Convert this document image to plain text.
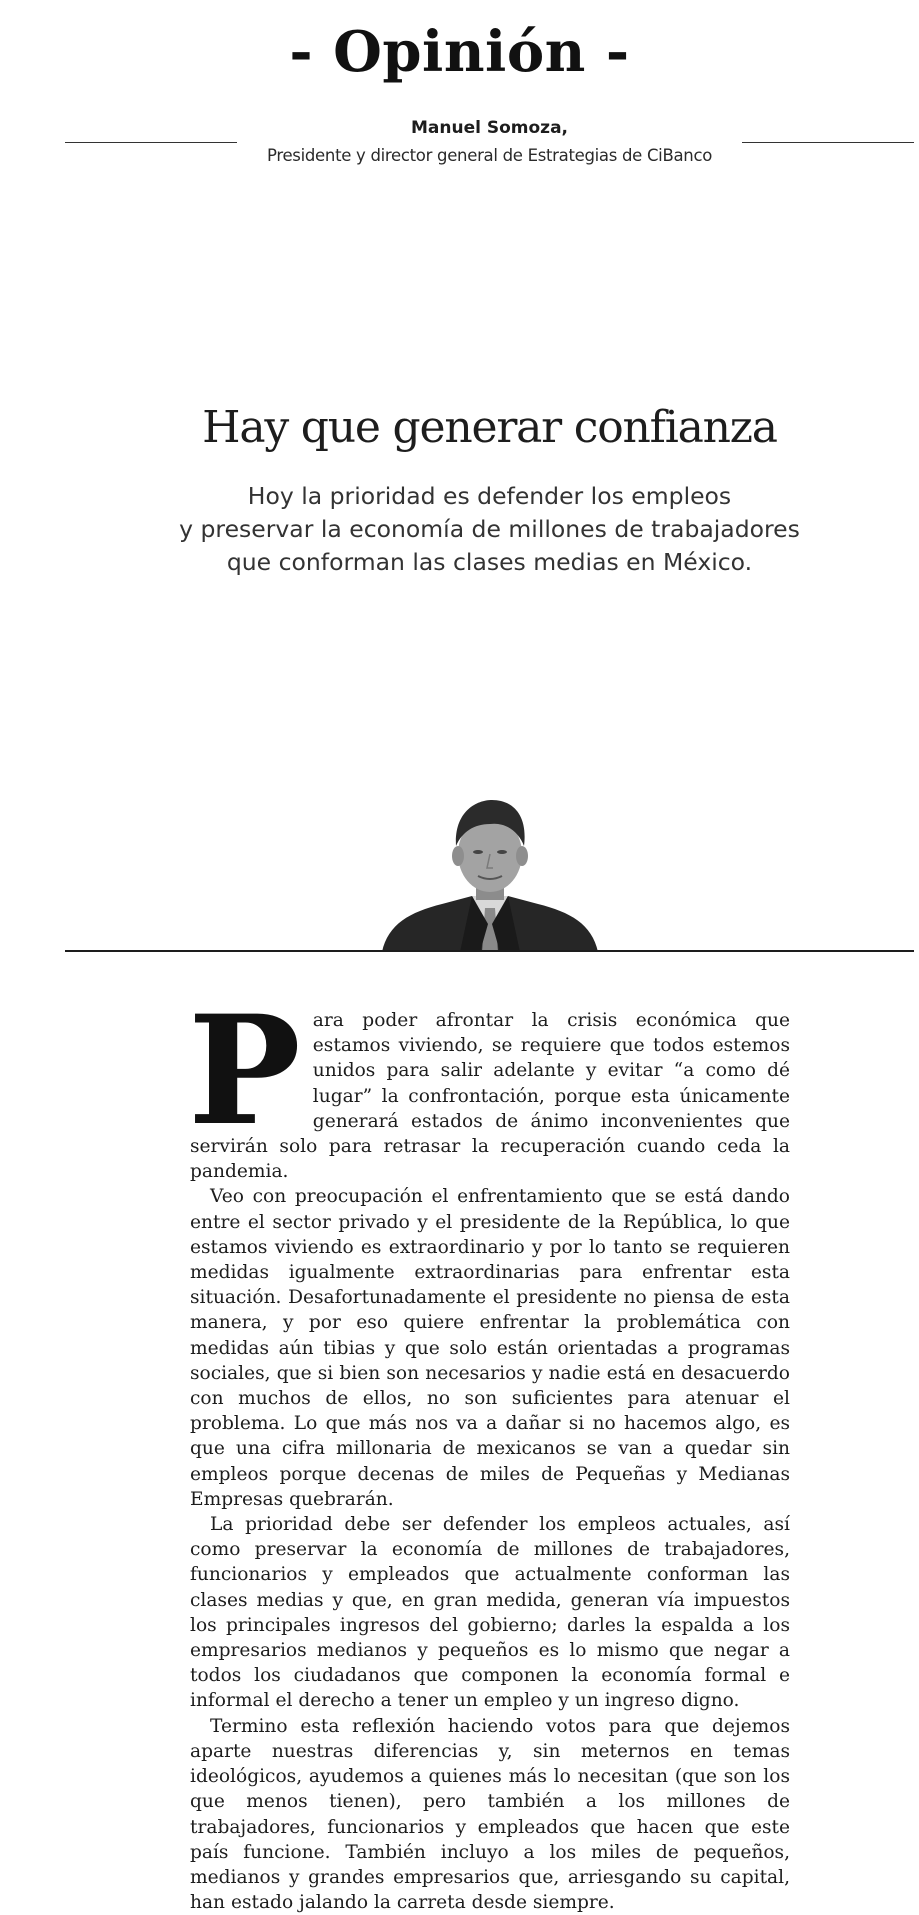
- Opinión -
Manuel Somoza,
Presidente y director general de Estrategias de CiBanco
Hay que generar confianza
Hoy la prioridad es defender los empleos
y preservar la economía de millones de trabajadores
que conforman las clases medias en México.

Para poder afrontar la crisis económica que estamos viviendo, se requiere que todos estemos unidos para salir adelante y evitar “a como dé lugar” la confrontación, porque esta únicamente generará estados de ánimo inconvenientes que servirán solo para retrasar la recuperación cuando ceda la pandemia.

Veo con preocupación el enfrentamiento que se está dando entre el sector privado y el presidente de la República, lo que estamos viviendo es extraordinario y por lo tanto se requieren medidas igualmente extraordinarias para enfrentar esta situación. Desafortunadamente el presidente no piensa de esta manera, y por eso quiere enfrentar la problemática con medidas aún tibias y que solo están orientadas a programas sociales, que si bien son necesarios y nadie está en desacuerdo con muchos de ellos, no son suficientes para atenuar el problema. Lo que más nos va a dañar si no hacemos algo, es que una cifra millonaria de mexicanos se van a quedar sin empleos porque decenas de miles de Pequeñas y Medianas Empresas quebrarán.

La prioridad debe ser defender los empleos actuales, así como preservar la economía de millones de trabajadores, funcionarios y empleados que actualmente conforman las clases medias y que, en gran medida, generan vía impuestos los principales ingresos del gobierno; darles la espalda a los empresarios medianos y pequeños es lo mismo que negar a todos los ciudadanos que componen la economía formal e informal el derecho a tener un empleo y un ingreso digno.

Termino esta reflexión haciendo votos para que dejemos aparte nuestras diferencias y, sin meternos en temas ideológicos, ayudemos a quienes más lo necesitan (que son los que menos tienen), pero también a los millones de trabajadores, funcionarios y empleados que hacen que este país funcione. También incluyo a los miles de pequeños, medianos y grandes empresarios que, arriesgando su capital, han estado jalando la carreta desde siempre.
